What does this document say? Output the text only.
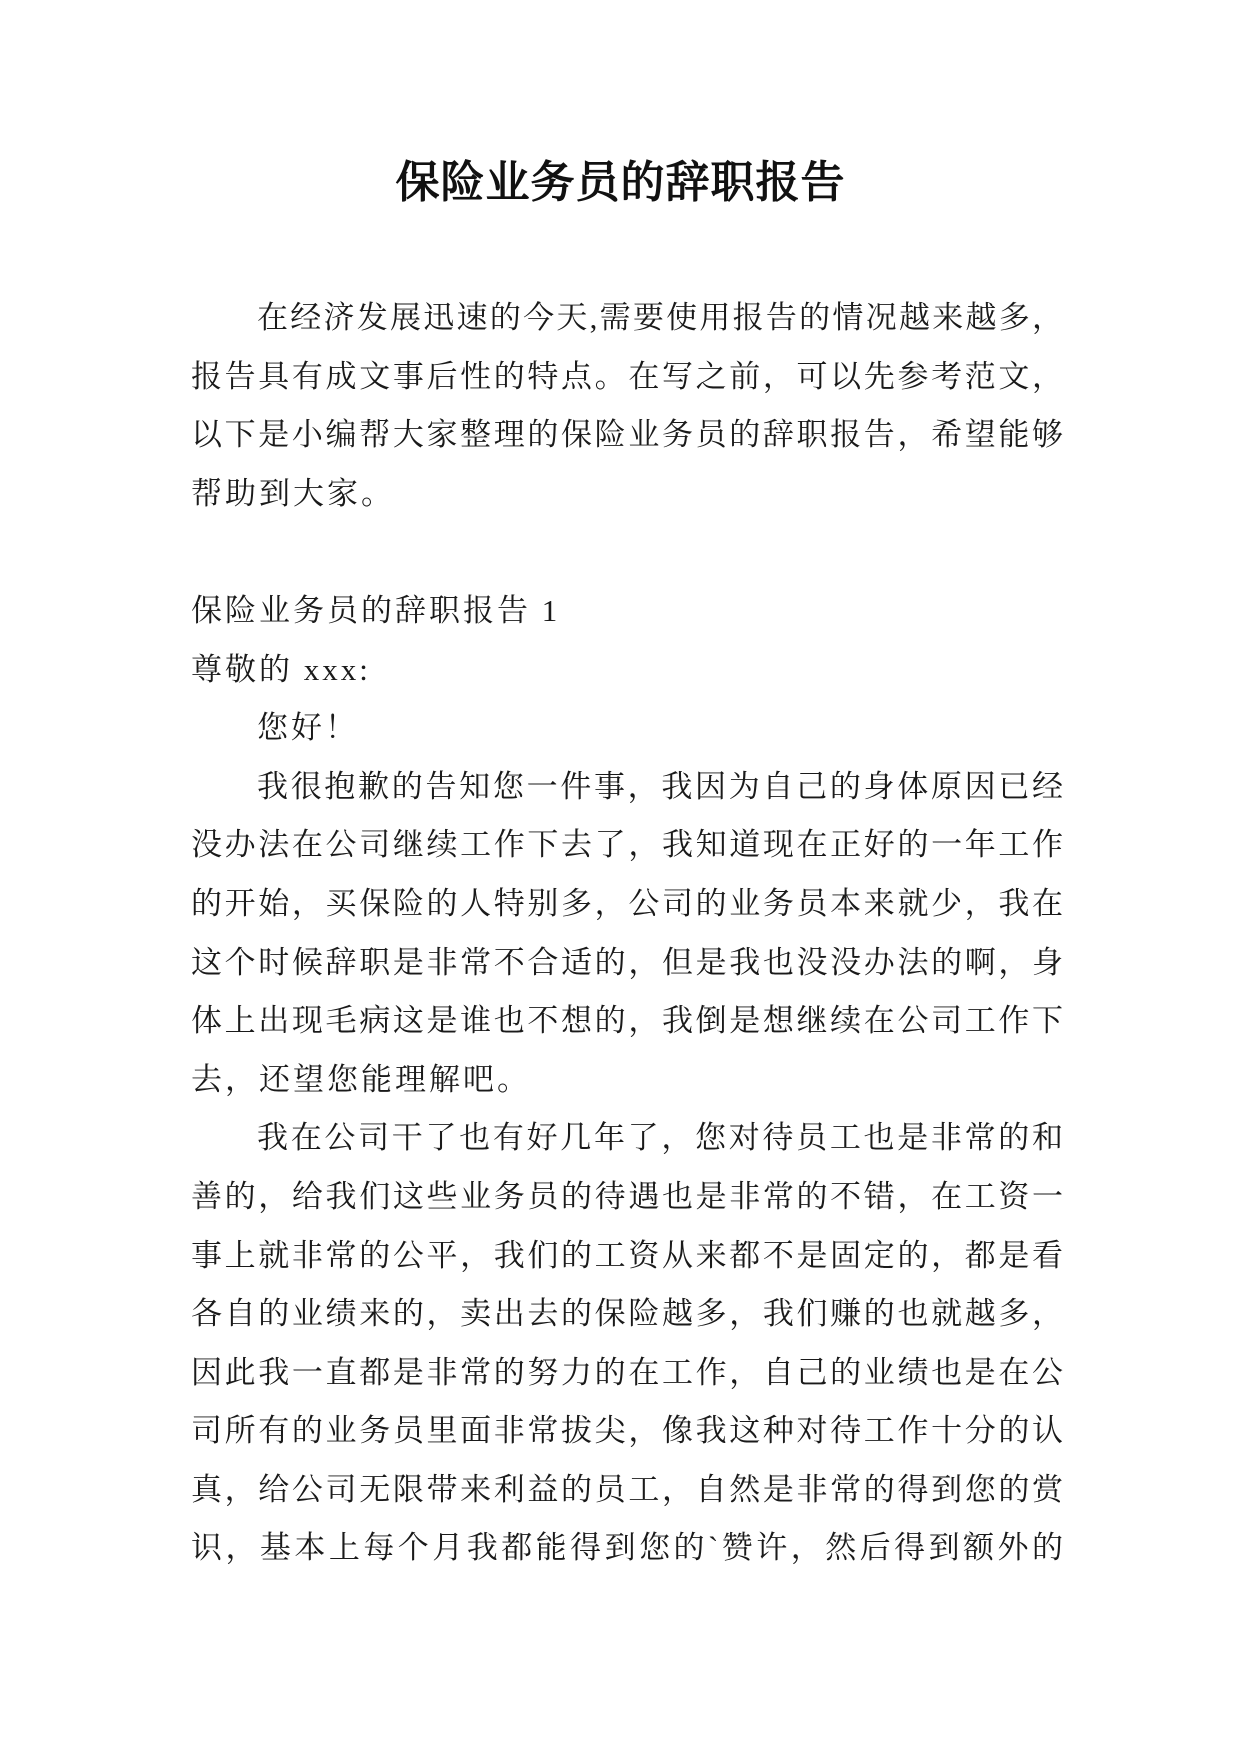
保险业务员的辞职报告
在经济发展迅速的今天,需要使用报告的情况越来越多，
报告具有成文事后性的特点。在写之前，可以先参考范文，
以下是小编帮大家整理的保险业务员的辞职报告，希望能够
帮助到大家。
保险业务员的辞职报告 1
尊敬的 xxx:
您好！
我很抱歉的告知您一件事，我因为自己的身体原因已经
没办法在公司继续工作下去了，我知道现在正好的一年工作
的开始，买保险的人特别多，公司的业务员本来就少，我在
这个时候辞职是非常不合适的，但是我也没没办法的啊，身
体上出现毛病这是谁也不想的，我倒是想继续在公司工作下
去，还望您能理解吧。
我在公司干了也有好几年了，您对待员工也是非常的和
善的，给我们这些业务员的待遇也是非常的不错，在工资一
事上就非常的公平，我们的工资从来都不是固定的，都是看
各自的业绩来的，卖出去的保险越多，我们赚的也就越多，
因此我一直都是非常的努力的在工作，自己的业绩也是在公
司所有的业务员里面非常拔尖，像我这种对待工作十分的认
真，给公司无限带来利益的员工，自然是非常的得到您的赏
识，基本上每个月我都能得到您的`赞许，然后得到额外的
